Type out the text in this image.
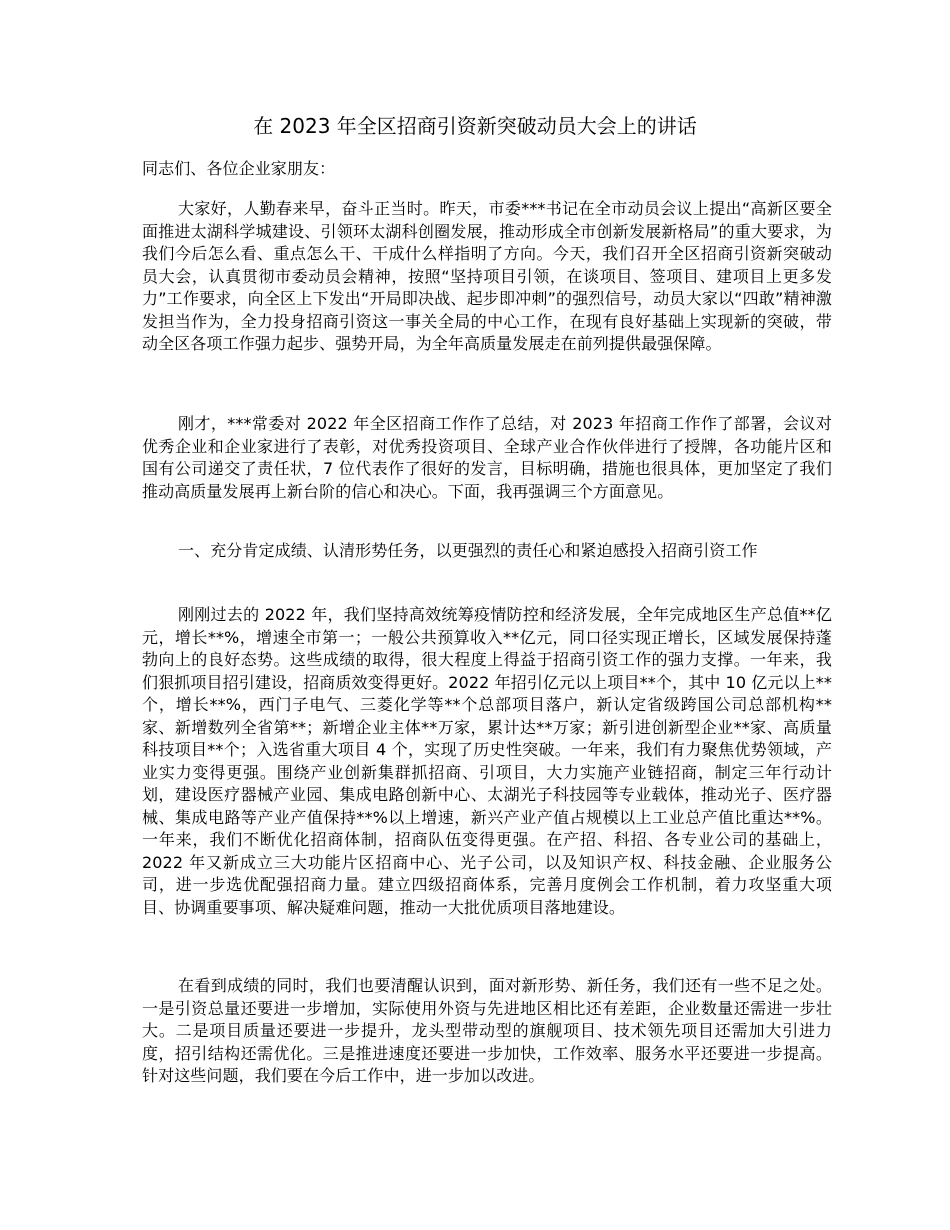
在 2023 年全区招商引资新突破动员大会上的讲话

同志们、各位企业家朋友：

大家好，人勤春来早，奋斗正当时。昨天，市委***书记在全市动员会议上提出“高新区要全面推进太湖科学城建设、引领环太湖科创圈发展，推动形成全市创新发展新格局”的重大要求，为我们今后怎么看、重点怎么干、干成什么样指明了方向。今天，我们召开全区招商引资新突破动员大会，认真贯彻市委动员会精神，按照“坚持项目引领，在谈项目、签项目、建项目上更多发力”工作要求，向全区上下发出“开局即决战、起步即冲刺”的强烈信号，动员大家以“四敢”精神激发担当作为，全力投身招商引资这一事关全局的中心工作，在现有良好基础上实现新的突破，带动全区各项工作强力起步、强势开局，为全年高质量发展走在前列提供最强保障。

刚才，***常委对 2022 年全区招商工作作了总结，对 2023 年招商工作作了部署，会议对优秀企业和企业家进行了表彰，对优秀投资项目、全球产业合作伙伴进行了授牌，各功能片区和国有公司递交了责任状，7 位代表作了很好的发言，目标明确，措施也很具体，更加坚定了我们推动高质量发展再上新台阶的信心和决心。下面，我再强调三个方面意见。

一、充分肯定成绩、认清形势任务，以更强烈的责任心和紧迫感投入招商引资工作

刚刚过去的 2022 年，我们坚持高效统筹疫情防控和经济发展，全年完成地区生产总值**亿元，增长**%，增速全市第一；一般公共预算收入**亿元，同口径实现正增长，区域发展保持蓬勃向上的良好态势。这些成绩的取得，很大程度上得益于招商引资工作的强力支撑。一年来，我们狠抓项目招引建设，招商质效变得更好。2022 年招引亿元以上项目**个，其中 10 亿元以上**个，增长**%，西门子电气、三菱化学等**个总部项目落户，新认定省级跨国公司总部机构**家、新增数列全省第**；新增企业主体**万家，累计达**万家；新引进创新型企业**家、高质量科技项目**个；入选省重大项目 4 个，实现了历史性突破。一年来，我们有力聚焦优势领域，产业实力变得更强。围绕产业创新集群抓招商、引项目，大力实施产业链招商，制定三年行动计划，建设医疗器械产业园、集成电路创新中心、太湖光子科技园等专业载体，推动光子、医疗器械、集成电路等产业产值保持**%以上增速，新兴产业产值占规模以上工业总产值比重达**%。一年来，我们不断优化招商体制，招商队伍变得更强。在产招、科招、各专业公司的基础上，2022 年又新成立三大功能片区招商中心、光子公司，以及知识产权、科技金融、企业服务公司，进一步选优配强招商力量。建立四级招商体系，完善月度例会工作机制，着力攻坚重大项目、协调重要事项、解决疑难问题，推动一大批优质项目落地建设。

在看到成绩的同时，我们也要清醒认识到，面对新形势、新任务，我们还有一些不足之处。一是引资总量还要进一步增加，实际使用外资与先进地区相比还有差距，企业数量还需进一步壮大。二是项目质量还要进一步提升，龙头型带动型的旗舰项目、技术领先项目还需加大引进力度，招引结构还需优化。三是推进速度还要进一步加快，工作效率、服务水平还要进一步提高。针对这些问题，我们要在今后工作中，进一步加以改进。
